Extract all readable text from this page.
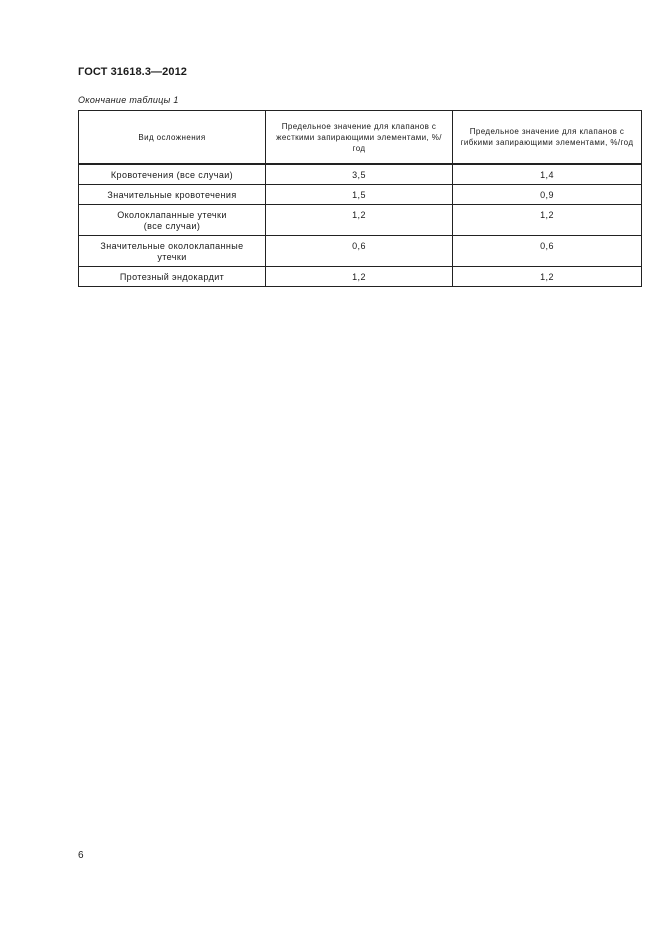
ГОСТ 31618.3—2012
Окончание таблицы 1
Вид осложнения	Предельное значение для клапанов с жесткими запирающими элементами, %/год	Предельное значение для клапанов с гибкими запирающими элементами, %/год
Кровотечения (все случаи)	3,5	1,4
Значительные кровотечения	1,5	0,9
Околоклапанные утечки
(все случаи)	1,2	1,2
Значительные околоклапанные
утечки	0,6	0,6
Протезный эндокардит	1,2	1,2
6
